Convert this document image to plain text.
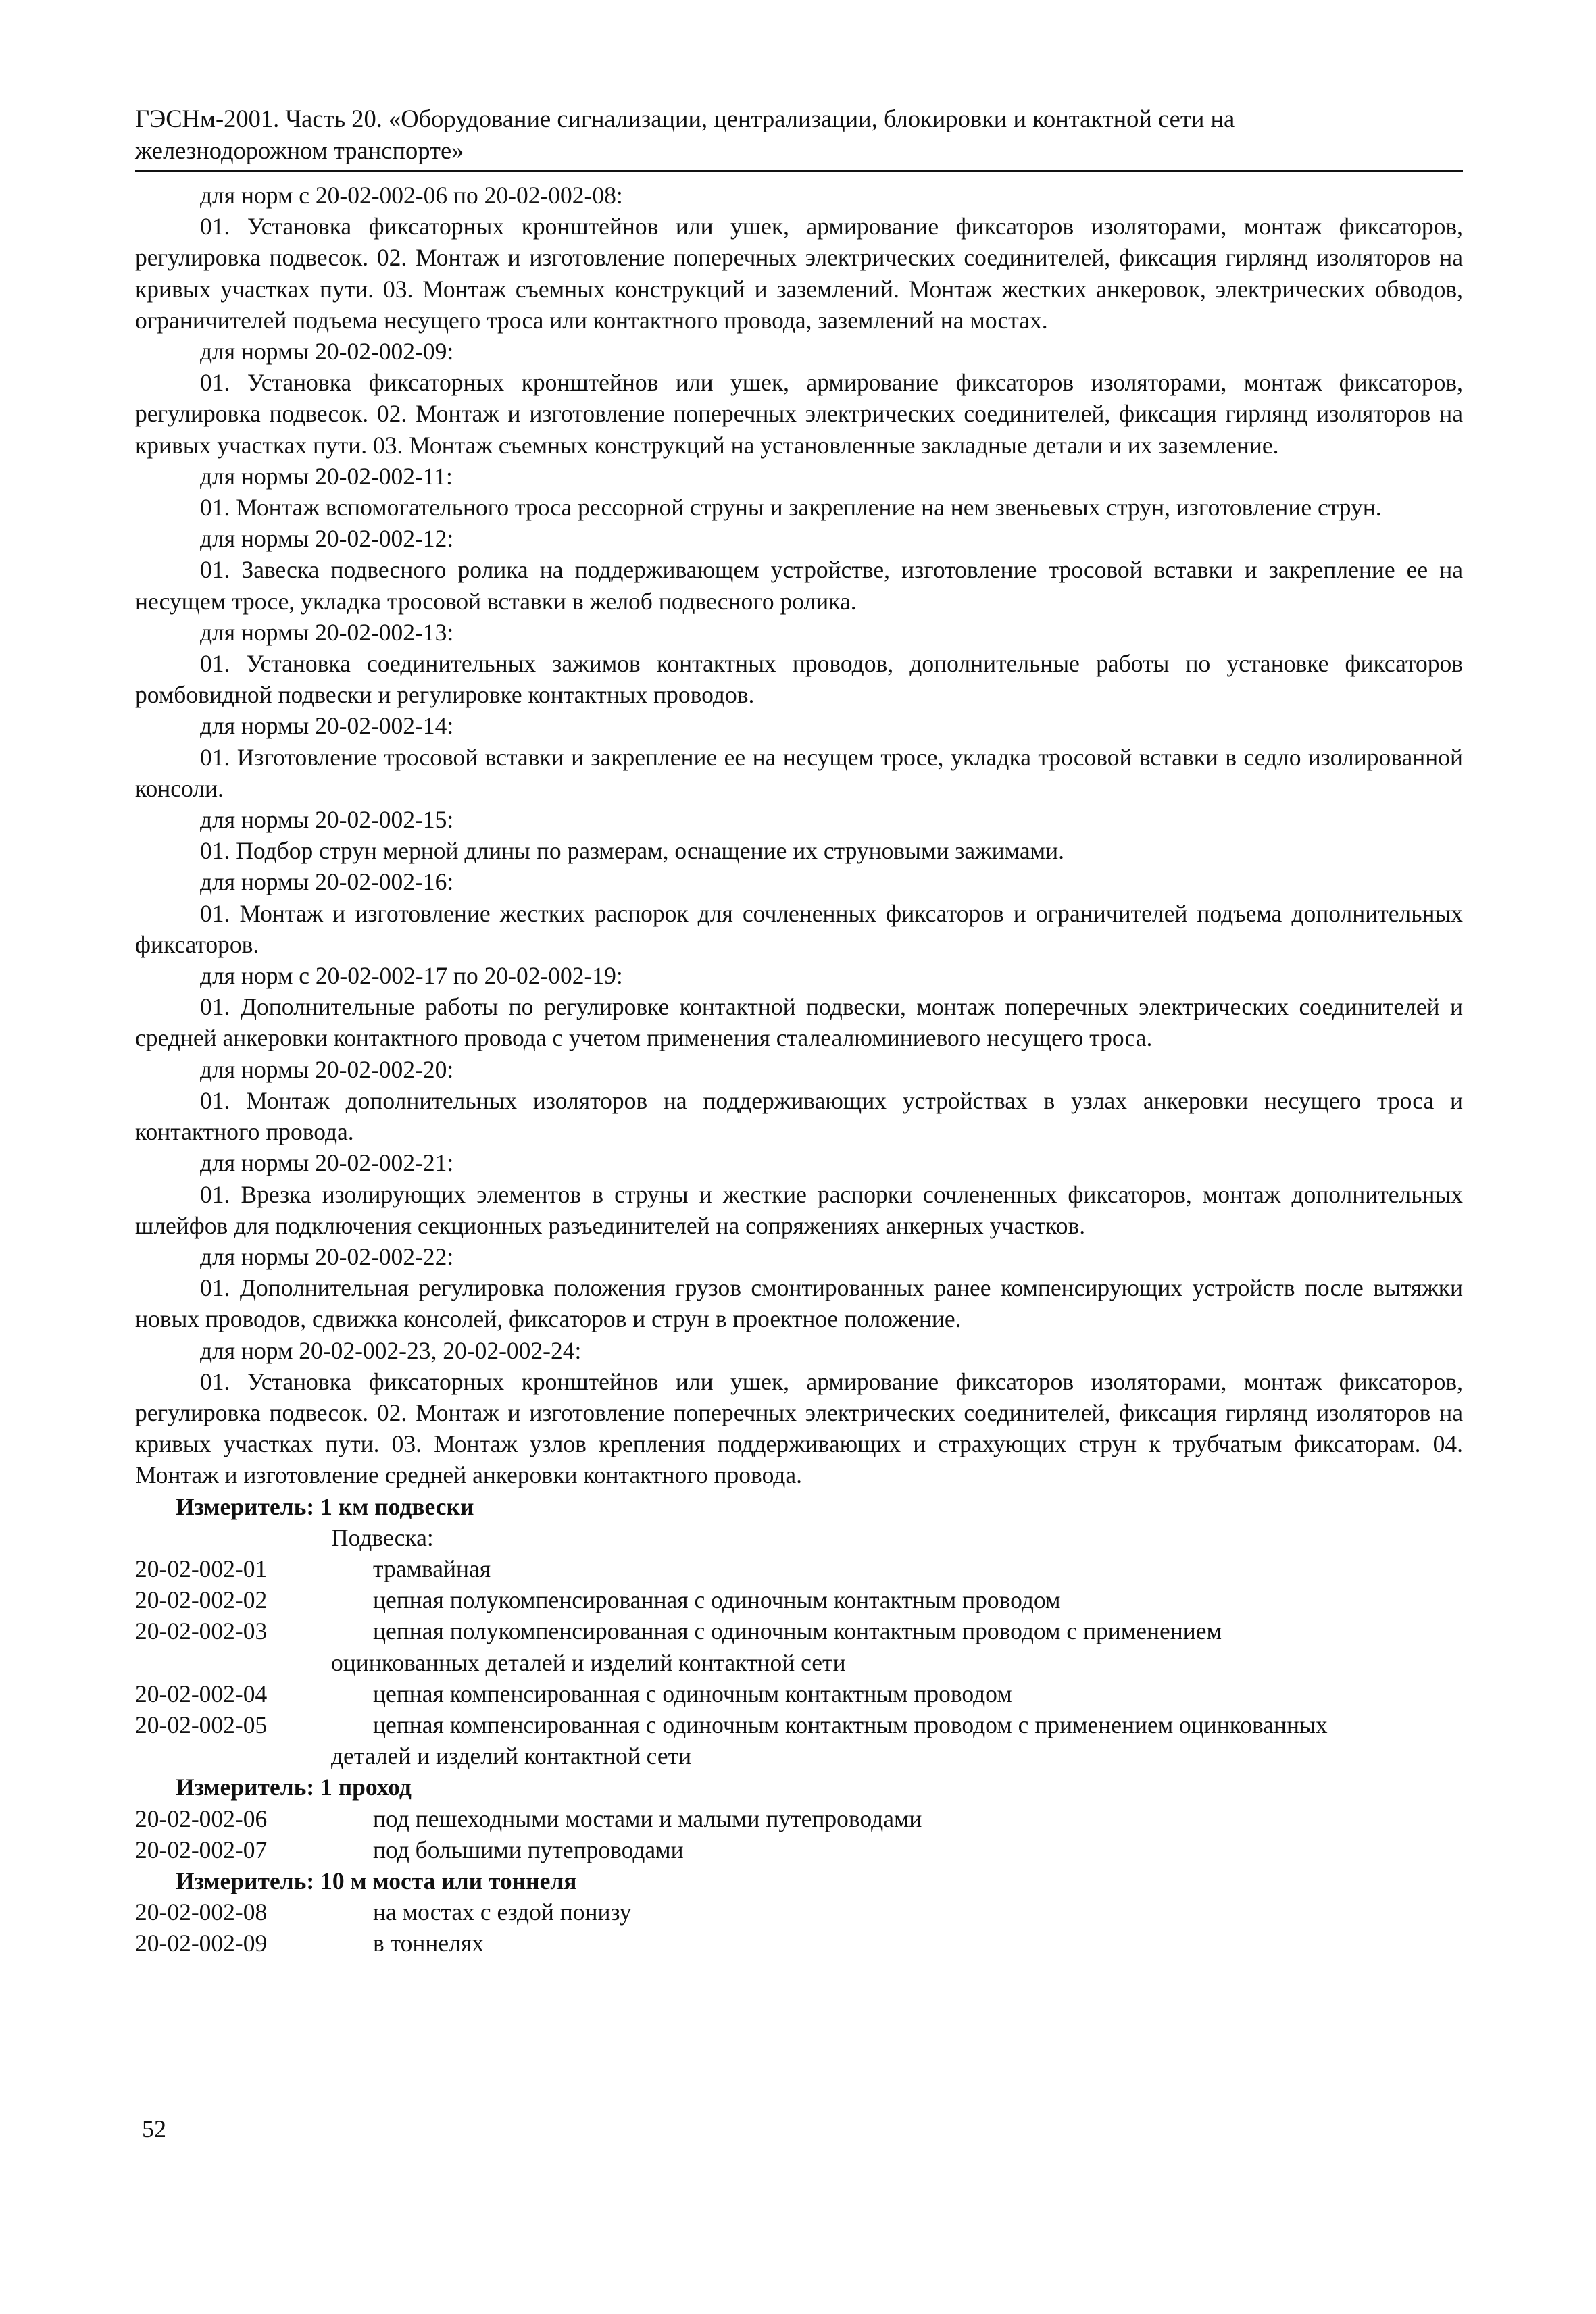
ГЭСНм-2001. Часть 20. «Оборудование сигнализации, централизации, блокировки и контактной сети на
железнодорожном транспорте»

для норм с 20-02-002-06 по 20-02-002-08:

01. Установка фиксаторных кронштейнов или ушек, армирование фиксаторов изоляторами, монтаж фиксаторов, регулировка подвесок. 02. Монтаж и изготовление поперечных электрических соединителей, фиксация гирлянд изоляторов на кривых участках пути. 03. Монтаж съемных конструкций и заземлений. Монтаж жестких анкеровок, электрических обводов, ограничителей подъема несущего троса или контактного провода, заземлений на мостах.

для нормы 20-02-002-09:

01. Установка фиксаторных кронштейнов или ушек, армирование фиксаторов изоляторами, монтаж фиксаторов, регулировка подвесок. 02. Монтаж и изготовление поперечных электрических соединителей, фиксация гирлянд изоляторов на кривых участках пути. 03. Монтаж съемных конструкций на установленные закладные детали и их заземление.

для нормы 20-02-002-11:

01. Монтаж вспомогательного троса рессорной струны и закрепление на нем звеньевых струн, изготовление струн.

для нормы 20-02-002-12:

01. Завеска подвесного ролика на поддерживающем устройстве, изготовление тросовой вставки и закрепление ее на несущем тросе, укладка тросовой вставки в желоб подвесного ролика.

для нормы 20-02-002-13:

01. Установка соединительных зажимов контактных проводов, дополнительные работы по установке фиксаторов ромбовидной подвески и регулировке контактных проводов.

для нормы 20-02-002-14:

01. Изготовление тросовой вставки и закрепление ее на несущем тросе, укладка тросовой вставки в седло изолированной консоли.

для нормы 20-02-002-15:

01. Подбор струн мерной длины по размерам, оснащение их струновыми зажимами.

для нормы 20-02-002-16:

01. Монтаж и изготовление жестких распорок для сочлененных фиксаторов и ограничителей подъема дополнительных фиксаторов.

для норм с 20-02-002-17 по 20-02-002-19:

01. Дополнительные работы по регулировке контактной подвески, монтаж поперечных электрических соединителей и средней анкеровки контактного провода с учетом применения сталеалюминиевого несущего троса.

для нормы 20-02-002-20:

01. Монтаж дополнительных изоляторов на поддерживающих устройствах в узлах анкеровки несущего троса и контактного провода.

для нормы 20-02-002-21:

01. Врезка изолирующих элементов в струны и жесткие распорки сочлененных фиксаторов, монтаж дополнительных шлейфов для подключения секционных разъединителей на сопряжениях анкерных участков.

для нормы 20-02-002-22:

01. Дополнительная регулировка положения грузов смонтированных ранее компенсирующих устройств после вытяжки новых проводов, сдвижка консолей, фиксаторов и струн в проектное положение.

для норм 20-02-002-23, 20-02-002-24:

01. Установка фиксаторных кронштейнов или ушек, армирование фиксаторов изоляторами, монтаж фиксаторов, регулировка подвесок. 02. Монтаж и изготовление поперечных электрических соединителей, фиксация гирлянд изоляторов на кривых участках пути. 03. Монтаж узлов крепления поддерживающих и страхующих струн к трубчатым фиксаторам. 04. Монтаж и изготовление средней анкеровки контактного провода.

Измеритель: 1 км подвески

Подвеска:

20-02-002-01	трамвайная
20-02-002-02	цепная полукомпенсированная с одиночным контактным проводом
20-02-002-03	цепная полукомпенсированная с одиночным контактным проводом с применением

оцинкованных деталей и изделий контактной сети

20-02-002-04	цепная компенсированная с одиночным контактным проводом
20-02-002-05	цепная компенсированная с одиночным контактным проводом с применением оцинкованных

деталей и изделий контактной сети

Измеритель: 1 проход

20-02-002-06	под пешеходными мостами и малыми путепроводами
20-02-002-07	под большими путепроводами

Измеритель: 10 м моста или тоннеля

20-02-002-08	на мостах с ездой понизу
20-02-002-09	в тоннелях
52
